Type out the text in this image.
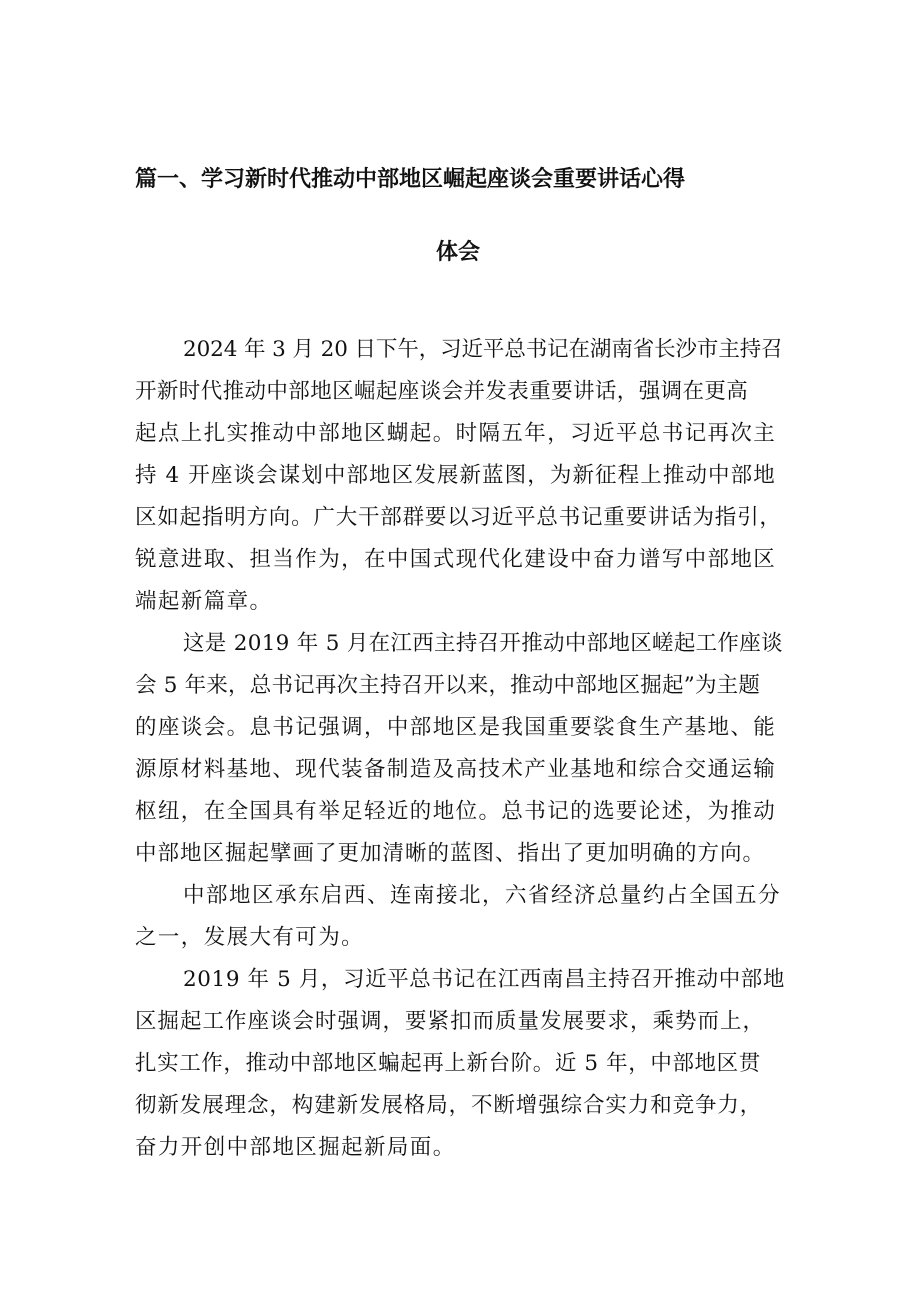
篇一、学习新时代推动中部地区崛起座谈会重要讲话心得
体会
2024 年 3 月 20 日下午，习近平总书记在湖南省长沙市主持召
开新时代推动中部地区崛起座谈会并发表重要讲话，强调在更高
起点上扎实推动中部地区蝴起。时隔五年，习近平总书记再次主
持 4 开座谈会谋划中部地区发展新蓝图，为新征程上推动中部地
区如起指明方向。广大干部群要以习近平总书记重要讲话为指引，
锐意进取、担当作为，在中国式现代化建设中奋力谱写中部地区
端起新篇章。
这是 2019 年 5 月在江西主持召开推动中部地区嵯起工作座谈
会 5 年来，总书记再次主持召开以来，推动中部地区掘起”为主题
的座谈会。息书记强调，中部地区是我国重要裟食生产基地、能
源原材料基地、现代装备制造及高技术产业基地和综合交通运输
枢纽，在全国具有举足轻近的地位。总书记的选要论述，为推动
中部地区掘起擘画了更加清晰的蓝图、指出了更加明确的方向。
中部地区承东启西、连南接北，六省经济总量约占全国五分
之一，发展大有可为。
2019 年 5 月，习近平总书记在江西南昌主持召开推动中部地
区掘起工作座谈会时强调，要紧扣而质量发展要求，乘势而上，
扎实工作，推动中部地区蝙起再上新台阶。近 5 年，中部地区贯
彻新发展理念，构建新发展格局，不断增强综合实力和竞争力，
奋力开创中部地区掘起新局面。
